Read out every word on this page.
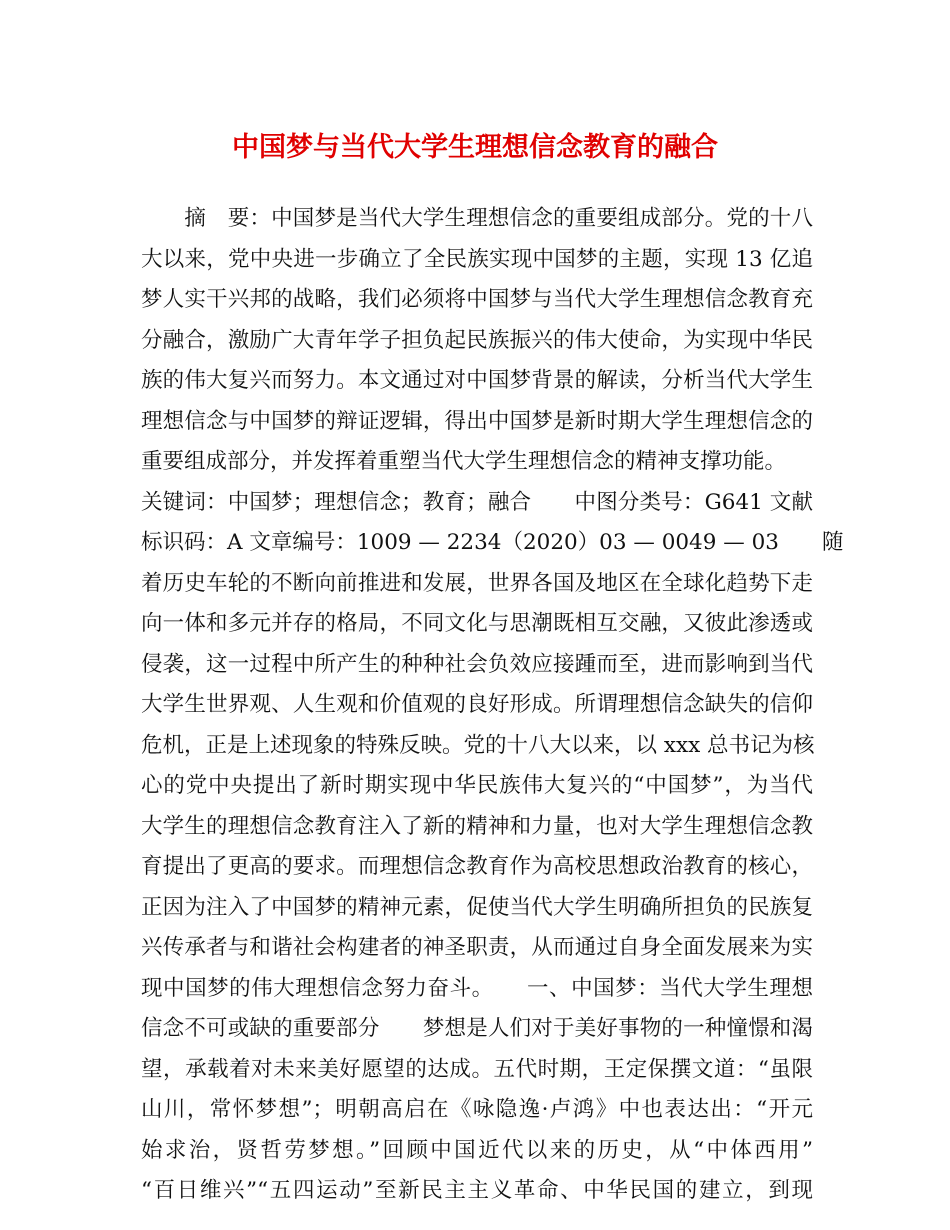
中国梦与当代大学生理想信念教育的融合
　　摘　要：中国梦是当代大学生理想信念的重要组成部分。党的十八
大以来，党中央进一步确立了全民族实现中国梦的主题，实现 13 亿追
梦人实干兴邦的战略，我们必须将中国梦与当代大学生理想信念教育充
分融合，激励广大青年学子担负起民族振兴的伟大使命，为实现中华民
族的伟大复兴而努力。本文通过对中国梦背景的解读，分析当代大学生
理想信念与中国梦的辩证逻辑，得出中国梦是新时期大学生理想信念的
重要组成部分，并发挥着重塑当代大学生理想信念的精神支撑功能。
关键词：中国梦；理想信念；教育；融合　　中图分类号：G641 文献
标识码：A 文章编号：1009 — 2234（2020）03 — 0049 — 03　　随
着历史车轮的不断向前推进和发展，世界各国及地区在全球化趋势下走
向一体和多元并存的格局，不同文化与思潮既相互交融，又彼此渗透或
侵袭，这一过程中所产生的种种社会负效应接踵而至，进而影响到当代
大学生世界观、人生观和价值观的良好形成。所谓理想信念缺失的信仰
危机，正是上述现象的特殊反映。党的十八大以来，以 xxx 总书记为核
心的党中央提出了新时期实现中华民族伟大复兴的“中国梦”，为当代
大学生的理想信念教育注入了新的精神和力量，也对大学生理想信念教
育提出了更高的要求。而理想信念教育作为高校思想政治教育的核心，
正因为注入了中国梦的精神元素，促使当代大学生明确所担负的民族复
兴传承者与和谐社会构建者的神圣职责，从而通过自身全面发展来为实
现中国梦的伟大理想信念努力奋斗。　　一、中国梦：当代大学生理想
信念不可或缺的重要部分　　梦想是人们对于美好事物的一种憧憬和渴
望，承载着对未来美好愿望的达成。五代时期，王定保撰文道：“虽限
山川，常怀梦想”；明朝高启在《咏隐逸·卢鸿》中也表达出：“开元
始求治，贤哲劳梦想。”回顾中国近代以来的历史，从“中体西用”
“百日维兴”“五四运动”至新民主主义革命、中华民国的建立，到现
